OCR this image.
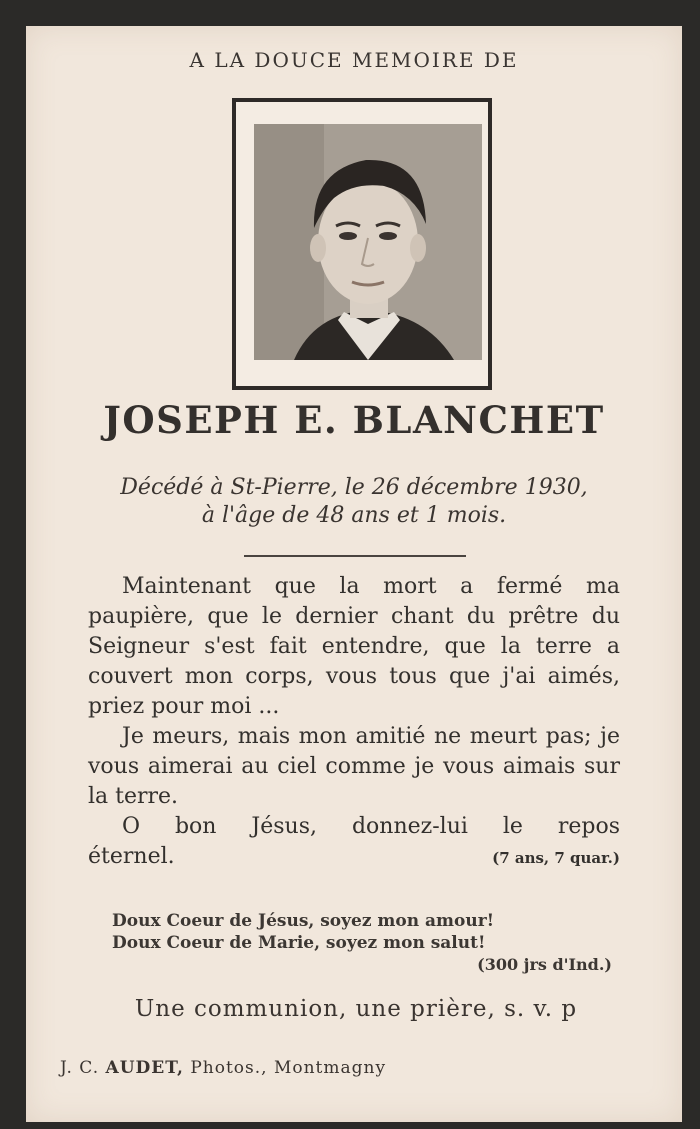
A LA DOUCE MEMOIRE DE
JOSEPH E. BLANCHET
Décédé à St-Pierre, le 26 décembre 1930,
à l'âge de 48 ans et 1 mois.

Maintenant que la mort a fermé ma paupière, que le dernier chant du prêtre du Seigneur s'est fait entendre, que la terre a couvert mon corps, vous tous que j'ai aimés, priez pour moi ...

Je meurs, mais mon amitié ne meurt pas; je vous aimerai au ciel comme je vous aimais sur la terre.

O bon Jésus, donnez-lui le repos

éternel.	(7 ans, 7 quar.)
Doux Coeur de Jésus, soyez mon amour!
Doux Coeur de Marie, soyez mon salut!
(300 jrs d'Ind.)
Une communion, une prière, s. v. p
J. C. AUDET, Photos., Montmagny
